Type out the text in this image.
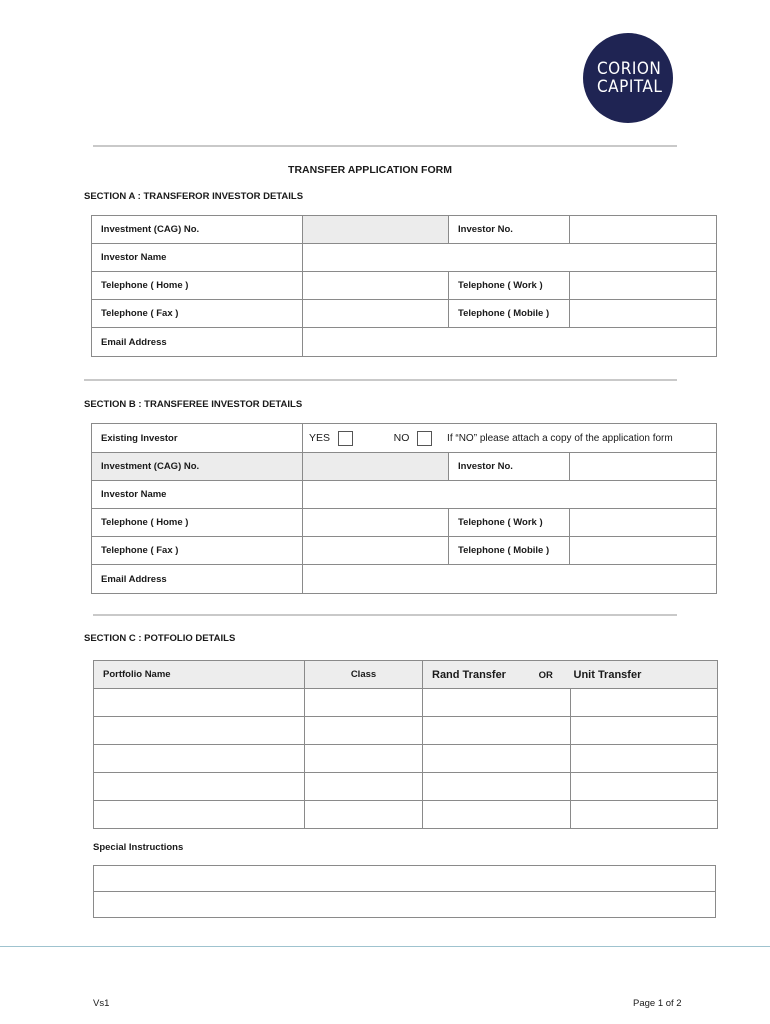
CORION
CAPITAL
TRANSFER APPLICATION FORM
SECTION A : TRANSFEROR INVESTOR DETAILS
Investment (CAG) No.		Investor No.	
Investor Name			
Telephone ( Home )		Telephone ( Work )	
Telephone ( Fax )		Telephone ( Mobile )	
Email Address			
SECTION B : TRANSFEREE INVESTOR DETAILS
Existing Investor	YES NO If “NO” please attach a copy of the application form		
Investment (CAG) No.		Investor No.	
Investor Name			
Telephone ( Home )		Telephone ( Work )	
Telephone ( Fax )		Telephone ( Mobile )	
Email Address			
SECTION C : POTFOLIO DETAILS
Portfolio Name	Class	Rand Transfer OR	Unit Transfer

Special Instructions

Vs1	Page 1 of 2
